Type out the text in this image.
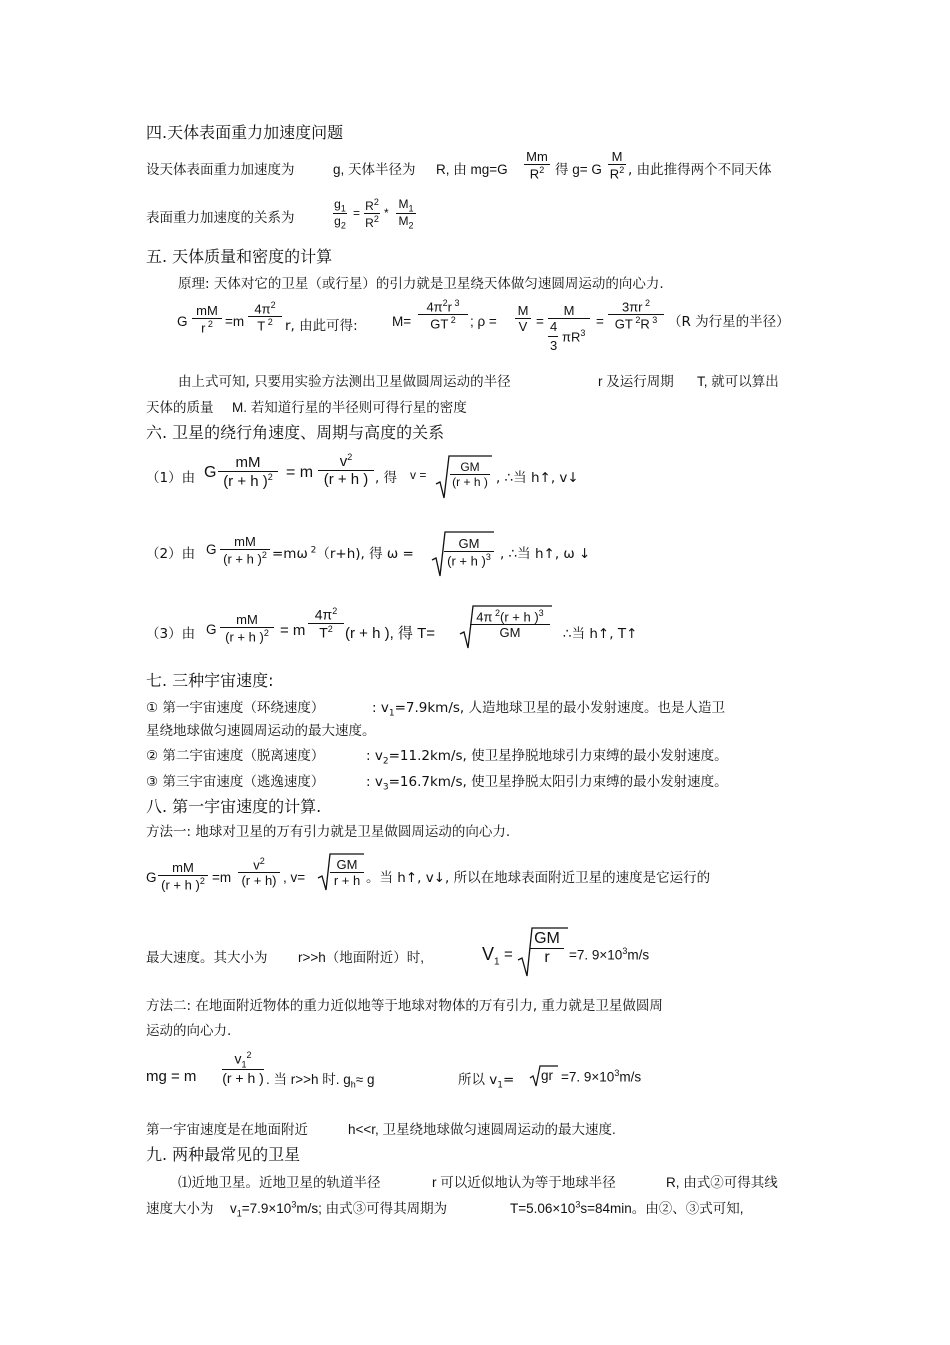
四.天体表面重力加速度问题
设天体表面重力加速度为	g, 天体半径为 R, 由 mg=G
Mm
$R^2$ 得 g= G
M
$R^2$ , 由此推得两个不同天体
表面重力加速度的关系为
$g_1$
$g_2$
= $R^2$
$R^2$ *
$M_1$
$M_2$
五. 天体质量和密度的计算
原理: 天体对它的卫星（或行星）的引力就是卫星绕天体做匀速圆周运动的向心力.
G
mM
r $^2$ =m
$4\pi^2$
T $^2$ r, 由此可得:	M=
$4\pi^2r$ $^3$
GT $^2$	; ρ =
M
V =
M
4
3
$\pi R^3$
=
3πr $^2$
GT $^2$R $^3$ （R 为行星的半径）
由上式可知, 只要用实验方法测出卫星做圆周运动的半径	r 及运行周期 T, 就可以算出
天体的质量 M. 若知道行星的半径则可得行星的密度
六. 卫星的绕行角速度、周期与高度的关系
（1）由 G
mM
(r + h )$^2$ = m
$v^2$
(r + h ) , 得 v =
GM
(r + h ) , ∴当 h↑, v↓
（2）由 G
mM
(r + h )$^2$ =mω $^2$（r+h), 得 ω =
GM
(r + h )$^3$ , ∴当 h↑, ω ↓
（3）由 G
mM
(r + h )$^2$ = m
$4\pi^2$
$T^2$ (r + h ), 得 T=
4π $^2$(r + h )$^3$
GM	∴当 h↑, T↑
七. 三种宇宙速度:
① 第一宇宙速度（环绕速度）	: $v_1=7.9km/s$, 人造地球卫星的最小发射速度。也是人造卫
星绕地球做匀速圆周运动的最大速度。
② 第二宇宙速度（脱离速度）	: $v_2=11.2km/s$, 使卫星挣脱地球引力束缚的最小发射速度。
③ 第三宇宙速度（逃逸速度）	: $v_3=16.7km/s$, 使卫星挣脱太阳引力束缚的最小发射速度。
八. 第一宇宙速度的计算.
方法一: 地球对卫星的万有引力就是卫星做圆周运动的向心力.
G
mM
(r + h )$^2$ =m
$v^2$
(r + h) , v=
GM
r + h 。当 h↑, v↓, 所以在地球表面附近卫星的速度是它运行的
最大速度。其大小为 r>>h（地面附近）时,	$V_1$ =
GM
r	=7. $9\times 10^3m/s$
方法二: 在地面附近物体的重力近似地等于地球对物体的万有引力, 重力就是卫星做圆周
运动的向心力.
mg = m
$v_1^2$
(r + h ) . 当 r>>h 时. $g_h\approx g$	所以 $v_1=$ gr =7. $9\times 10^3m/s$
第一宇宙速度是在地面附近	h<<r, 卫星绕地球做匀速圆周运动的最大速度.
九. 两种最常见的卫星
⑴近地卫星。近地卫星的轨道半径	r 可以近似地认为等于地球半径	R, 由式②可得其线
速度大小为 $v_1=7.9\times 10^3m/s$; 由式③可得其周期为	$T=5.06\times 10^3s=84\min$。由②、③式可知,
